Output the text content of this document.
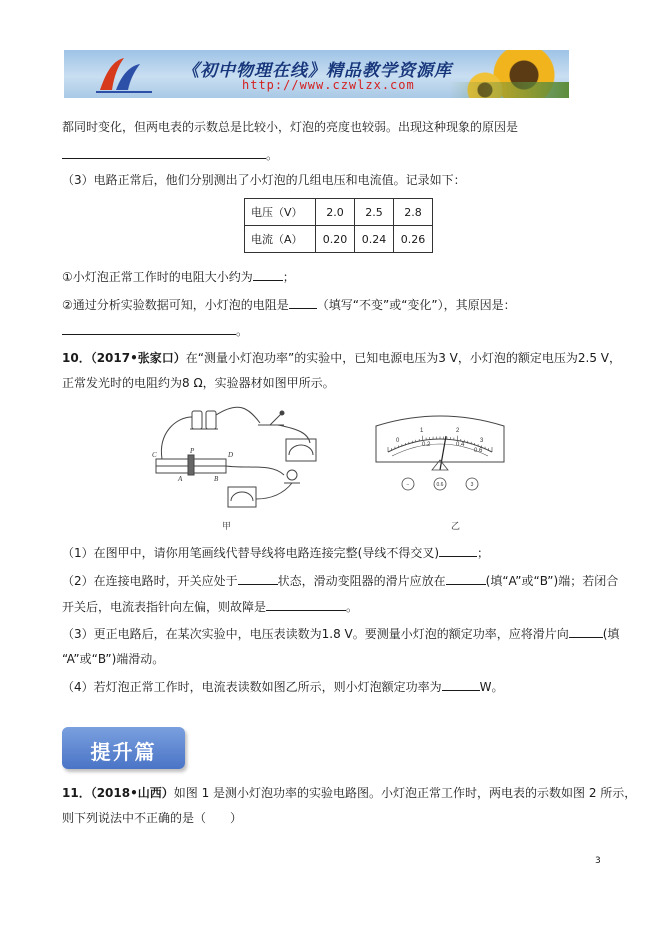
《初中物理在线》精品教学资源库
http://www.czwlzx.com
都同时变化，但两电表的示数总是比较小，灯泡的亮度也较弱。出现这种现象的原因是
。
（3）电路正常后，他们分别测出了小灯泡的几组电压和电流值。记录如下：
电压（V）	2.0	2.5	2.8
电流（A）	0.20	0.24	0.26
①小灯泡正常工作时的电阻大小约为	；
②通过分析实验数据可知，小灯泡的电阻是 （填写“不变”或“变化”），其原因是：
。
10．（2017•张家口）在“测量小灯泡功率”的实验中，已知电源电压为3 V，小灯泡的额定电压为2.5 V，
正常发光时的电阻约为8 Ω，实验器材如图甲所示。
C	P	D
A	B
甲
0
1	2
3
0.2	0.4
0.6
−	0.6	3
乙
（1）在图甲中，请你用笔画线代替导线将电路连接完整(导线不得交叉)	；
（2）在连接电路时，开关应处于	状态，滑动变阻器的滑片应放在	(填“A”或“B”)端；若闭合
开关后，电流表指针向左偏，则故障是	。
（3）更正电路后，在某次实验中，电压表读数为1.8 V。要测量小灯泡的额定功率，应将滑片向	(填
“A”或“B”)端滑动。
（4）若灯泡正常工作时，电流表读数如图乙所示，则小灯泡额定功率为	W。
提升篇
11．（2018•山西）如图 1 是测小灯泡功率的实验电路图。小灯泡正常工作时，两电表的示数如图 2 所示，
则下列说法中不正确的是（　　）
3
